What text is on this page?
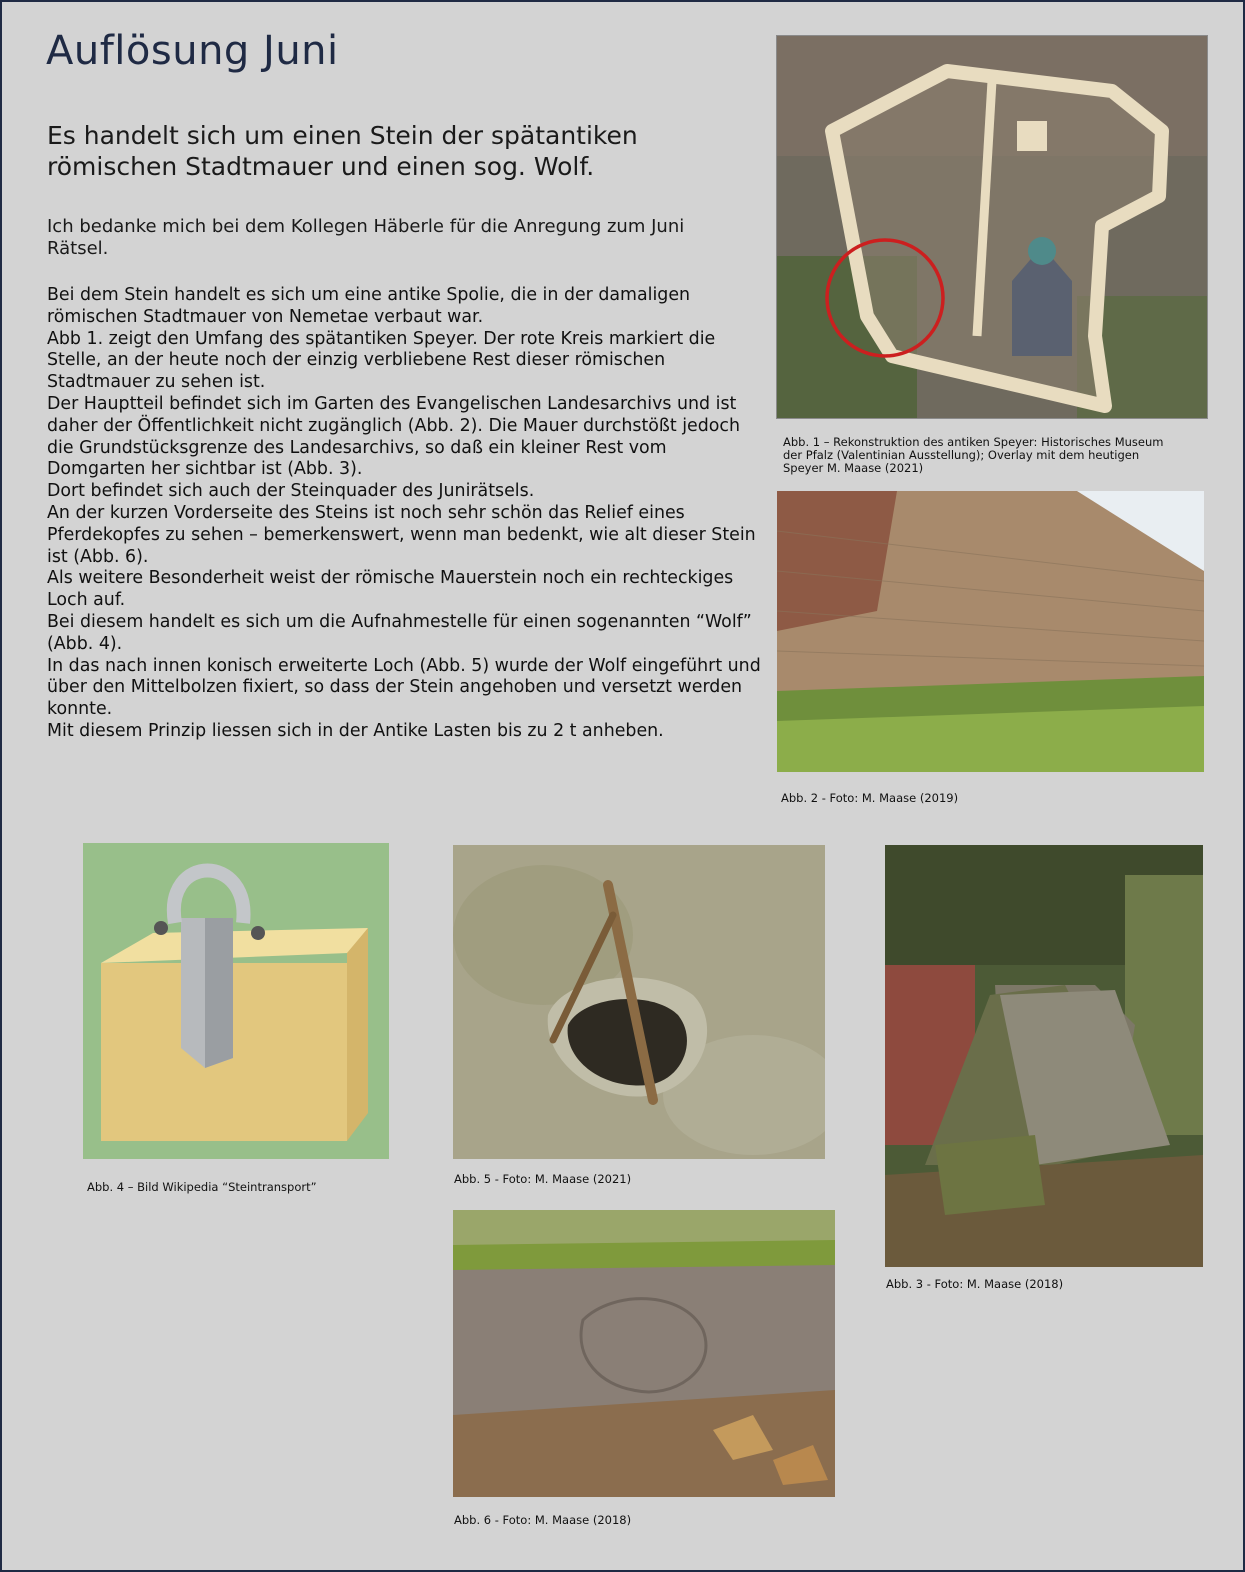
Auflösung Juni
Es handelt sich um einen Stein der spätantiken römischen Stadtmauer und einen sog. Wolf.
Ich bedanke mich bei dem Kollegen Häberle für die Anregung zum Juni Rätsel.

Bei dem Stein handelt es sich um eine antike Spolie, die in der damaligen römischen Stadtmauer von Nemetae verbaut war.

Abb 1. zeigt den Umfang des spätantiken Speyer. Der rote Kreis markiert die Stelle, an der heute noch der einzig verbliebene Rest dieser römischen Stadtmauer zu sehen ist.

Der Hauptteil befindet sich im Garten des Evangelischen Landesarchivs und ist daher der Öffentlichkeit nicht zugänglich (Abb. 2). Die Mauer durchstößt jedoch die Grundstücksgrenze des Landesarchivs, so daß ein kleiner Rest vom Domgarten her sichtbar ist (Abb. 3).

Dort befindet sich auch der Steinquader des Junirätsels.

An der kurzen Vorderseite des Steins ist noch sehr schön das Relief eines Pferdekopfes zu sehen – bemerkenswert, wenn man bedenkt, wie alt dieser Stein ist (Abb. 6).

Als weitere Besonderheit weist der römische Mauerstein noch ein rechteckiges Loch auf.

Bei diesem handelt es sich um die Aufnahmestelle für einen sogenannten “Wolf” (Abb. 4).

In das nach innen konisch erweiterte Loch (Abb. 5) wurde der Wolf eingeführt und über den Mittelbolzen fixiert, so dass der Stein angehoben und versetzt werden konnte.

Mit diesem Prinzip liessen sich in der Antike Lasten bis zu 2 t anheben.

Abb. 1 – Rekonstruktion des antiken Speyer: Historisches Museum der Pfalz (Valentinian Ausstellung); Overlay mit dem heutigen Speyer M. Maase (2021)
Abb. 2 - Foto: M. Maase (2019)
Abb. 4 – Bild Wikipedia “Steintransport”
Abb. 5 - Foto: M. Maase (2021)
Abb. 3 - Foto: M. Maase (2018)
Abb. 6 - Foto: M. Maase (2018)
